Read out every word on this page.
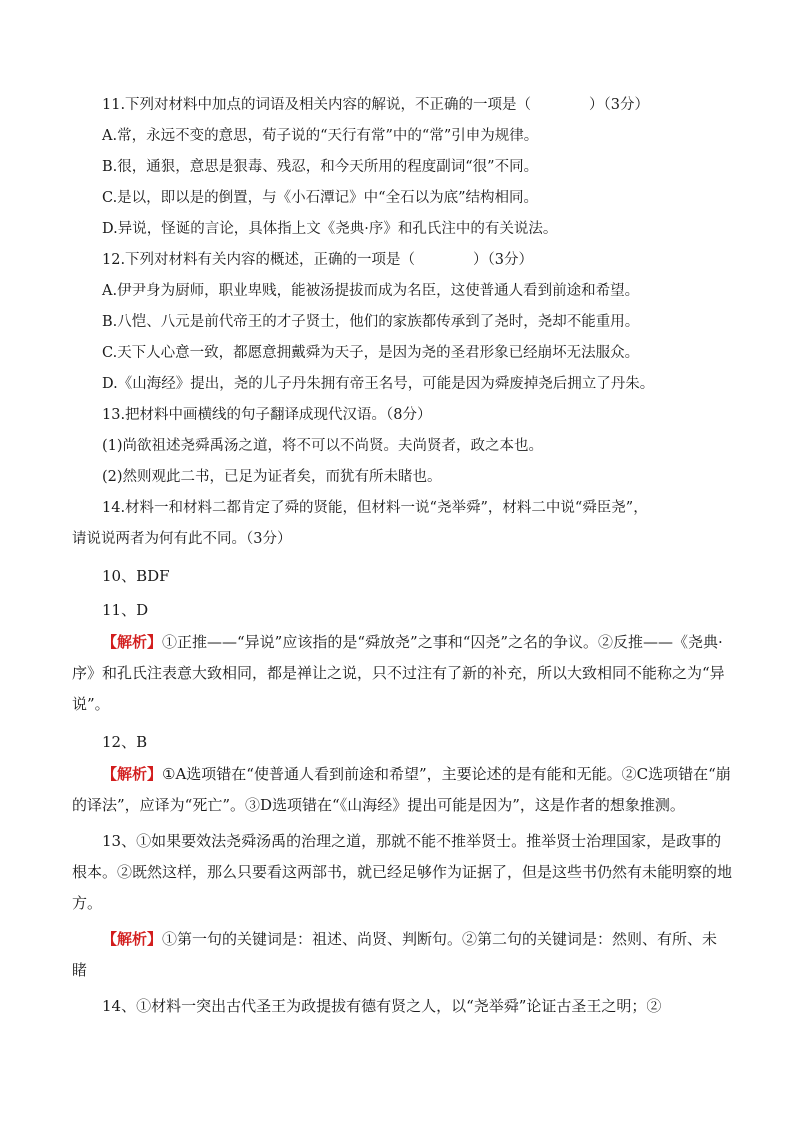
11.下列对材料中加点的词语及相关内容的解说，不正确的一项是（　　　　）（3分）

A.常，永远不变的意思，荀子说的“天行有常”中的“常”引申为规律。

B.很，通狠，意思是狠毒、残忍，和今天所用的程度副词“很”不同。

C.是以，即以是的倒置，与《小石潭记》中“全石以为底”结构相同。

D.异说，怪诞的言论，具体指上文《尧典·序》和孔氏注中的有关说法。

12.下列对材料有关内容的概述，正确的一项是（　　　　）（3分）

A.伊尹身为厨师，职业卑贱，能被汤提拔而成为名臣，这使普通人看到前途和希望。

B.八恺、八元是前代帝王的才子贤士，他们的家族都传承到了尧时，尧却不能重用。

C.天下人心意一致，都愿意拥戴舜为天子，是因为尧的圣君形象已经崩坏无法服众。

D.《山海经》提出，尧的儿子丹朱拥有帝王名号，可能是因为舜废掉尧后拥立了丹朱。

13.把材料中画横线的句子翻译成现代汉语。（8分）

(1)尚欲祖述尧舜禹汤之道，将不可以不尚贤。夫尚贤者，政之本也。

(2)然则观此二书，已足为证者矣，而犹有所未睹也。

14.材料一和材料二都肯定了舜的贤能，但材料一说“尧举舜”，材料二中说“舜臣尧”，

请说说两者为何有此不同。（3分）

10、BDF

11、D

【解析】①正推——“异说”应该指的是“舜放尧”之事和“囚尧”之名的争议。②反推——《尧典·序》和孔氏注表意大致相同，都是禅让之说，只不过注有了新的补充，所以大致相同不能称之为“异说”。

12、B

【解析】①A选项错在“使普通人看到前途和希望”，主要论述的是有能和无能。②C选项错在“崩的译法”，应译为“死亡”。③D选项错在“《山海经》提出可能是因为”，这是作者的想象推测。

13、①如果要效法尧舜汤禹的治理之道，那就不能不推举贤士。推举贤士治理国家，是政事的根本。②既然这样，那么只要看这两部书，就已经足够作为证据了，但是这些书仍然有未能明察的地方。

【解析】①第一句的关键词是：祖述、尚贤、判断句。②第二句的关键词是：然则、有所、未睹

14、①材料一突出古代圣王为政提拔有德有贤之人，以“尧举舜”论证古圣王之明；②
